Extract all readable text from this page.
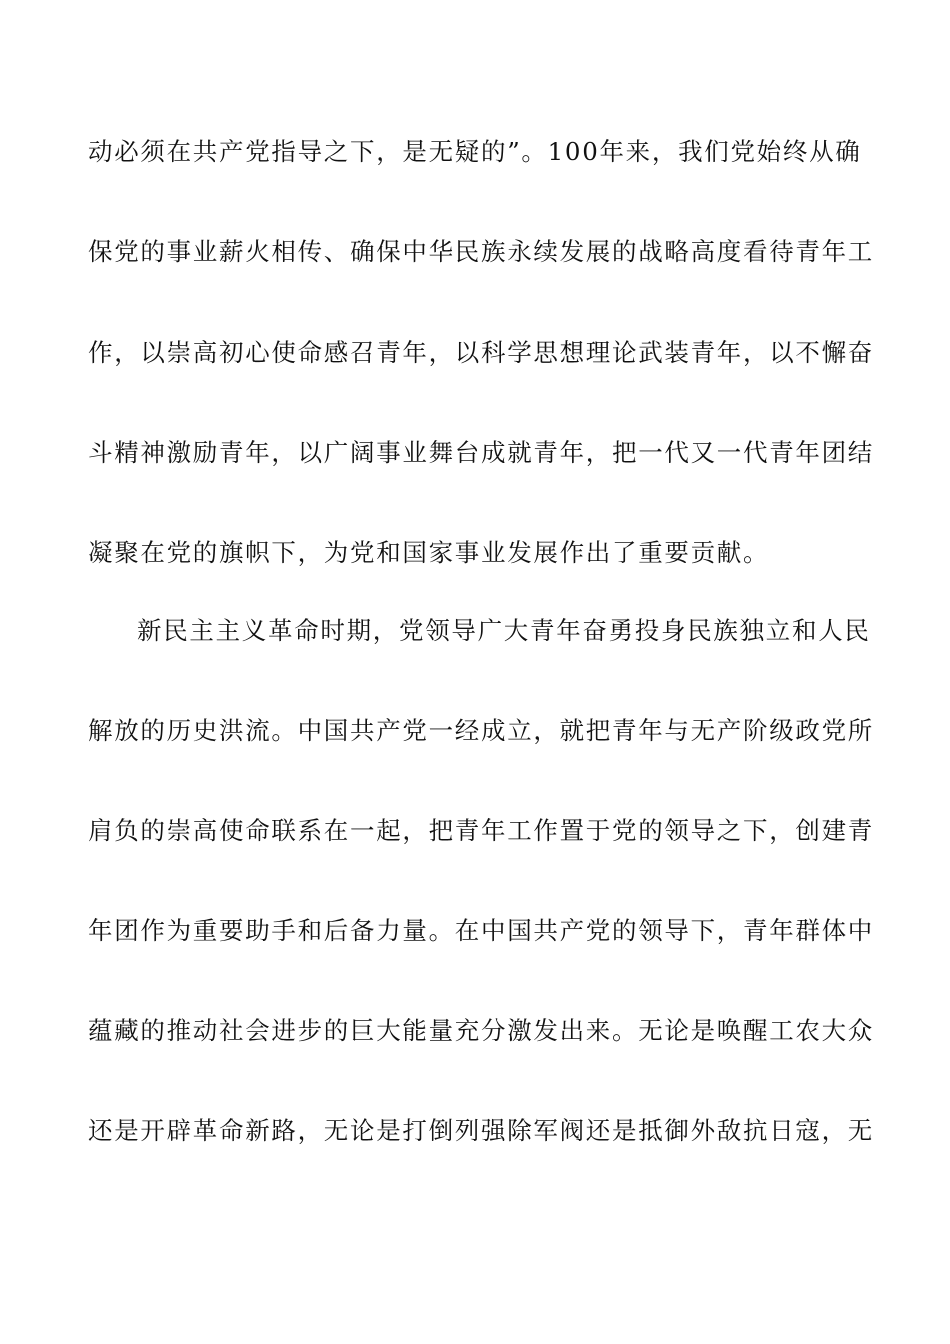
动必须在共产党指导之下，是无疑的”。100年来，我们党始终从确
保党的事业薪火相传、确保中华民族永续发展的战略高度看待青年工
作，以崇高初心使命感召青年，以科学思想理论武装青年，以不懈奋
斗精神激励青年，以广阔事业舞台成就青年，把一代又一代青年团结
凝聚在党的旗帜下，为党和国家事业发展作出了重要贡献。
新民主主义革命时期，党领导广大青年奋勇投身民族独立和人民
解放的历史洪流。中国共产党一经成立，就把青年与无产阶级政党所
肩负的崇高使命联系在一起，把青年工作置于党的领导之下，创建青
年团作为重要助手和后备力量。在中国共产党的领导下，青年群体中
蕴藏的推动社会进步的巨大能量充分激发出来。无论是唤醒工农大众
还是开辟革命新路，无论是打倒列强除军阀还是抵御外敌抗日寇，无
